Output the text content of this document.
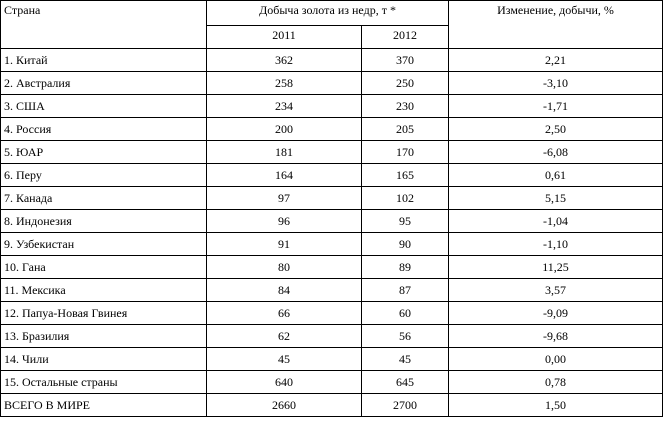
Страна	Добыча золота из недр, т *		Изменение, добычи, %
	2011	2012	
1. Китай	362	370	2,21
2. Австралия	258	250	-3,10
3. США	234	230	-1,71
4. Россия	200	205	2,50
5. ЮАР	181	170	-6,08
6. Перу	164	165	0,61
7. Канада	97	102	5,15
8. Индонезия	96	95	-1,04
9. Узбекистан	91	90	-1,10
10. Гана	80	89	11,25
11. Мексика	84	87	3,57
12. Папуа-Новая Гвинея	66	60	-9,09
13. Бразилия	62	56	-9,68
14. Чили	45	45	0,00
15. Остальные страны	640	645	0,78
ВСЕГО В МИРЕ	2660	2700	1,50
